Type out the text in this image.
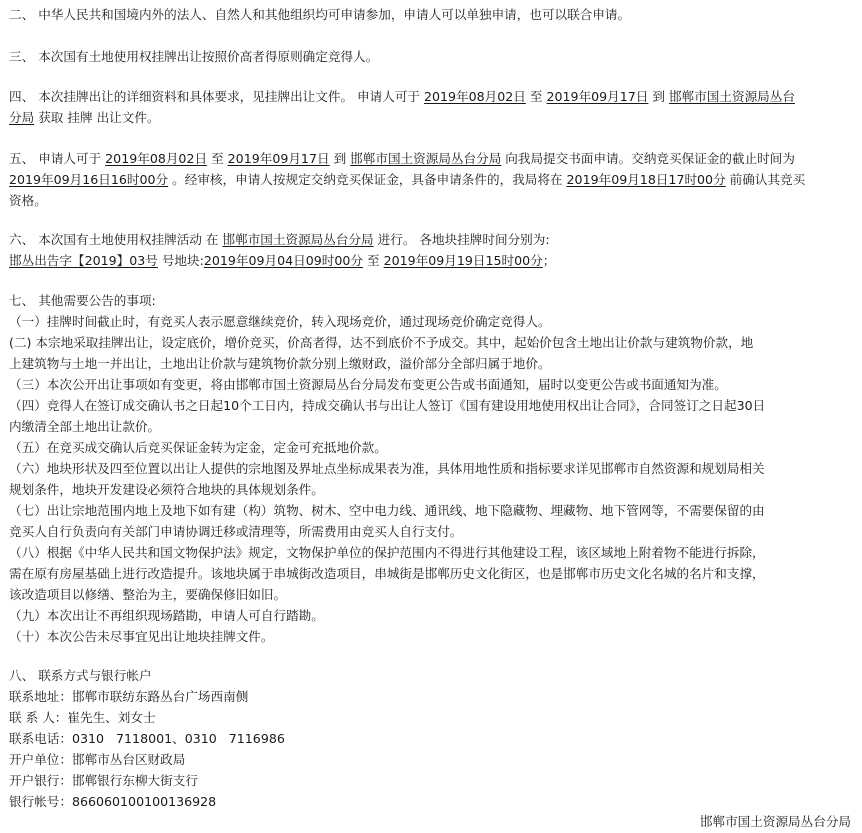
二、 中华人民共和国境内外的法人、自然人和其他组织均可申请参加，申请人可以单独申请，也可以联合申请。

三、 本次国有土地使用权挂牌出让按照价高者得原则确定竞得人。

四、 本次挂牌出让的详细资料和具体要求，见挂牌出让文件。 申请人可于 2019年08月02日 至 2019年09月17日 到 邯郸市国土资源局丛台
分局 获取 挂牌 出让文件。

五、 申请人可于 2019年08月02日 至 2019年09月17日 到 邯郸市国土资源局丛台分局 向我局提交书面申请。交纳竞买保证金的截止时间为
2019年09月16日16时00分 。经审核，申请人按规定交纳竞买保证金，具备申请条件的，我局将在 2019年09月18日17时00分 前确认其竞买
资格。

六、 本次国有土地使用权挂牌活动 在 邯郸市国土资源局丛台分局 进行。 各地块挂牌时间分别为:
邯丛出告字【2019】03号 号地块:2019年09月04日09时00分 至 2019年09月19日15时00分；

七、 其他需要公告的事项:
（一）挂牌时间截止时，有竞买人表示愿意继续竞价，转入现场竞价，通过现场竞价确定竞得人。
(二) 本宗地采取挂牌出让，设定底价，增价竞买，价高者得，达不到底价不予成交。其中，起始价包含土地出让价款与建筑物价款，地
上建筑物与土地一并出让，土地出让价款与建筑物价款分别上缴财政，溢价部分全部归属于地价。
（三）本次公开出让事项如有变更，将由邯郸市国土资源局丛台分局发布变更公告或书面通知，届时以变更公告或书面通知为准。
（四）竞得人在签订成交确认书之日起10个工日内，持成交确认书与出让人签订《国有建设用地使用权出让合同》，合同签订之日起30日
内缴清全部土地出让款价。
（五）在竞买成交确认后竞买保证金转为定金，定金可充抵地价款。
（六）地块形状及四至位置以出让人提供的宗地图及界址点坐标成果表为准，具体用地性质和指标要求详见邯郸市自然资源和规划局相关
规划条件，地块开发建设必须符合地块的具体规划条件。
（七）出让宗地范围内地上及地下如有建（构）筑物、树木、空中电力线、通讯线、地下隐藏物、埋藏物、地下管网等，不需要保留的由
竞买人自行负责向有关部门申请协调迁移或清理等，所需费用由竞买人自行支付。
（八）根据《中华人民共和国文物保护法》规定，文物保护单位的保护范围内不得进行其他建设工程，该区域地上附着物不能进行拆除，
需在原有房屋基础上进行改造提升。该地块属于串城街改造项目，串城街是邯郸历史文化街区，也是邯郸市历史文化名城的名片和支撑，
该改造项目以修缮、整治为主，要确保修旧如旧。
（九）本次出让不再组织现场踏勘，申请人可自行踏勘。
（十）本次公告未尽事宜见出让地块挂牌文件。
八、 联系方式与银行帐户
联系地址：邯郸市联纺东路丛台广场西南侧
联 系 人：崔先生、刘女士
联系电话：0310   7118001、0310   7116986
开户单位：邯郸市丛台区财政局
开户银行：邯郸银行东柳大街支行
银行帐号：866060100100136928
邯郸市国土资源局丛台分局
